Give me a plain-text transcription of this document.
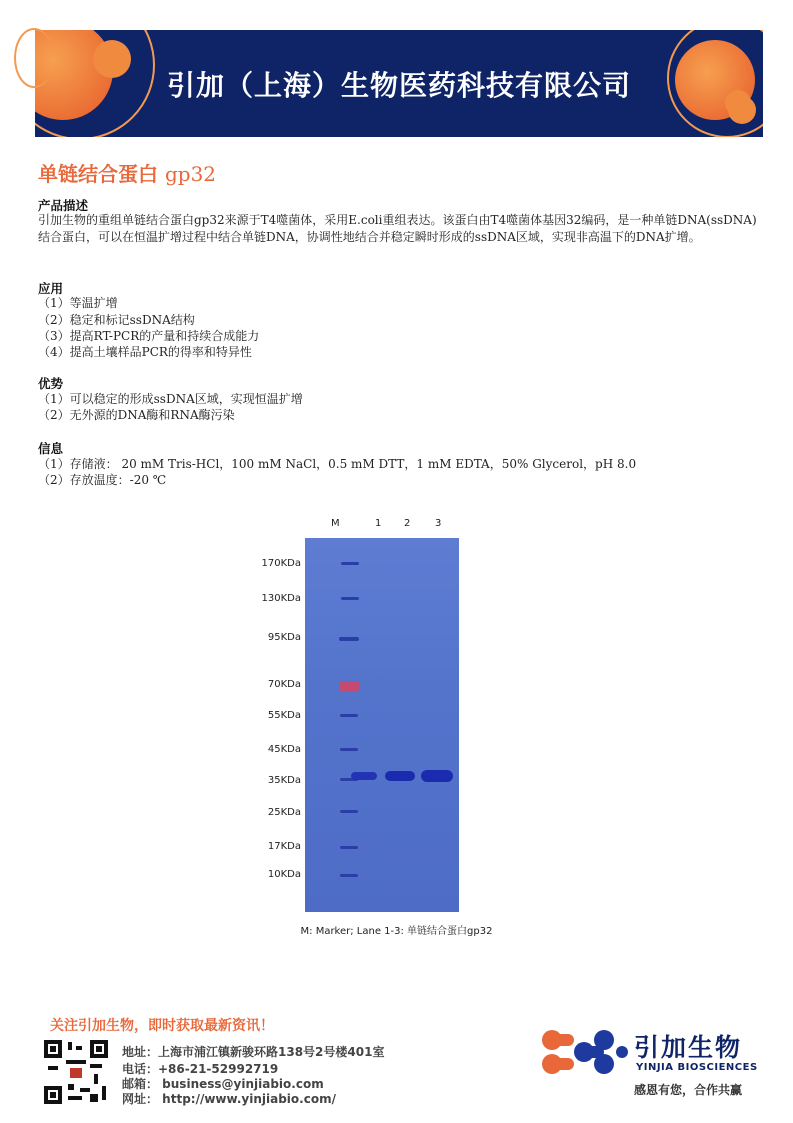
引加（上海）生物医药科技有限公司
单链结合蛋白 gp32
产品描述
引加生物的重组单链结合蛋白gp32来源于T4噬菌体，采用E.coli重组表达。该蛋白由T4噬菌体基因32编码，是一种单链DNA(ssDNA)结合蛋白，可以在恒温扩增过程中结合单链DNA，协调性地结合并稳定瞬时形成的ssDNA区域，实现非高温下的DNA扩增。
应用
（1）等温扩增
（2）稳定和标记ssDNA结构
（3）提高RT-PCR的产量和持续合成能力
（4）提高土壤样品PCR的得率和特异性
优势
（1）可以稳定的形成ssDNA区域，实现恒温扩增
（2）无外源的DNA酶和RNA酶污染
信息
（1）存储液： 20 mM Tris-HCl，100 mM NaCl，0.5 mM DTT，1 mM EDTA，50% Glycerol，pH 8.0
（2）存放温度：-20 ℃
M	1 2 3
170KDa
130KDa
95KDa
70KDa
55KDa
45KDa
35KDa
25KDa
17KDa
10KDa
M: Marker; Lane 1-3: 单链结合蛋白gp32
关注引加生物，即时获取最新资讯！
地址：上海市浦江镇新骏环路138号2号楼401室
电话：+86-21-52992719
邮箱： business@yinjiabio.com
网址： http://www.yinjiabio.com/
引加生物
YINJIA BIOSCIENCES
感恩有您，合作共赢
